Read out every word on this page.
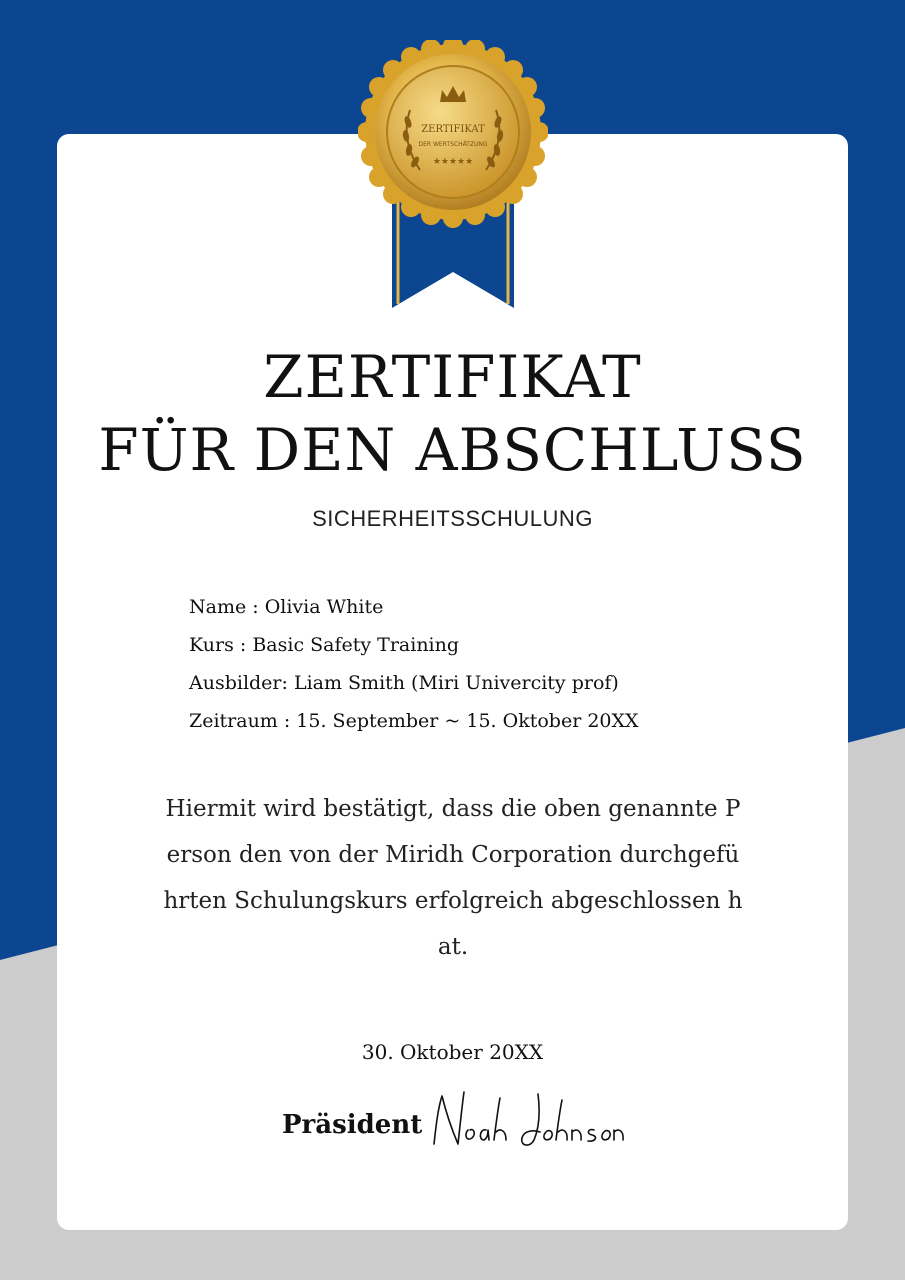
ZERTIFIKAT
DER WERTSCHÄTZUNG
★★★★★
ZERTIFIKAT
FÜR DEN ABSCHLUSS
SICHERHEITSSCHULUNG
Name : Olivia White
Kurs : Basic Safety Training
Ausbilder: Liam Smith (Miri Univercity prof)
Zeitraum : 15. September ~ 15. Oktober 20XX
Hiermit wird bestätigt, dass die oben genannte P
erson den von der Miridh Corporation durchgefü
hrten Schulungskurs erfolgreich abgeschlossen h
at.
30. Oktober 20XX
Präsident
